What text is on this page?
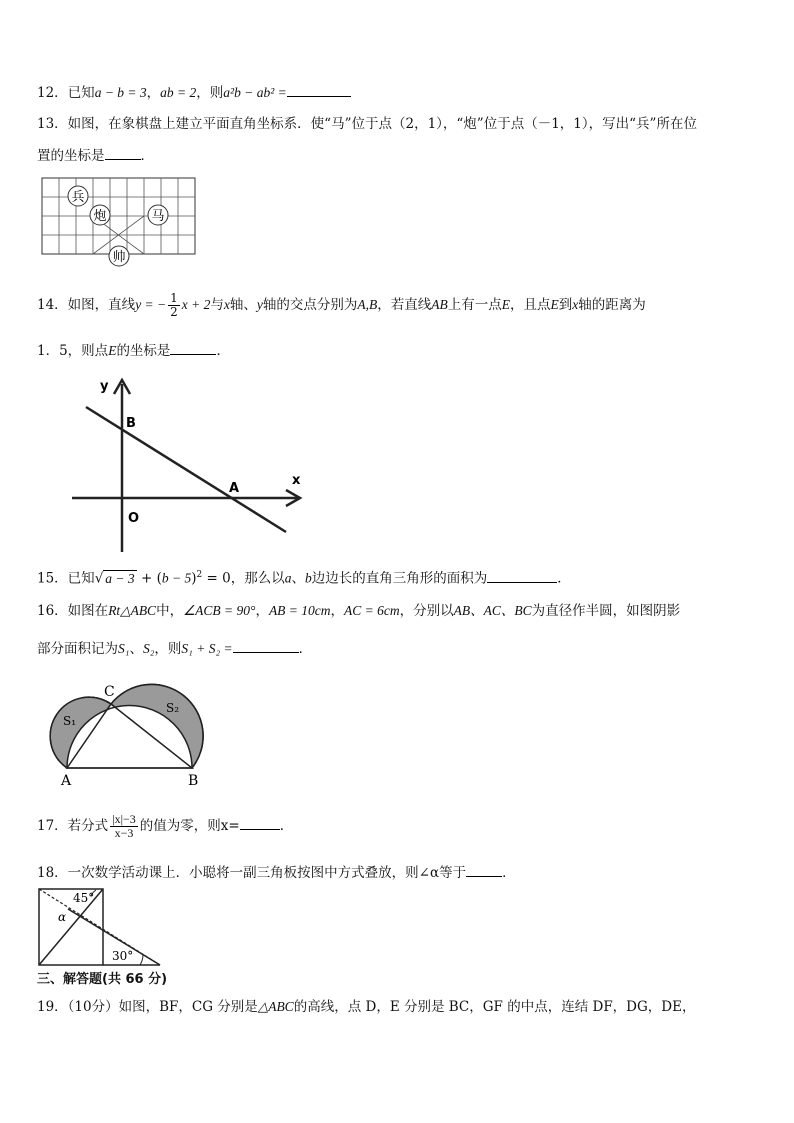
12．已知a − b = 3，ab = 2，则a²b − ab² =
13．如图，在象棋盘上建立平面直角坐标系．使“马”位于点（2，1），“炮”位于点（－1，1），写出“兵”所在位
置的坐标是	．
兵
炮	马
帅
14．如图，直线y = − $\frac{1}{2}$ x + 2与x轴、y轴的交点分别为A,B，若直线AB上有一点E，且点E到x轴的距离为
1．5，则点E的坐标是	．
y
x
B
A
O
15．已知√ $a - 3 + (b - 5)^2 = 0$，那么以a、b边边长的直角三角形的面积为	．
16．如图在Rt△ABC中，∠ACB = 90°，AB = 10cm，AC = 6cm，分别以AB、AC、BC为直径作半圆，如图阴影
部分面积记为S₁、S₂，则S₁ + S₂ =	．
C
A	B
S₁
S₂
17．若分式 $\frac{|x|-3}{x-3}$ 的值为零，则x=	．
18．一次数学活动课上．小聪将一副三角板按图中方式叠放，则∠α等于	．
45°
α
30°
三、解答题(共 66 分)
19．（10分）如图，BF，CG 分别是△ABC的高线，点 D，E 分别是 BC，GF 的中点，连结 DF，DG，DE，
